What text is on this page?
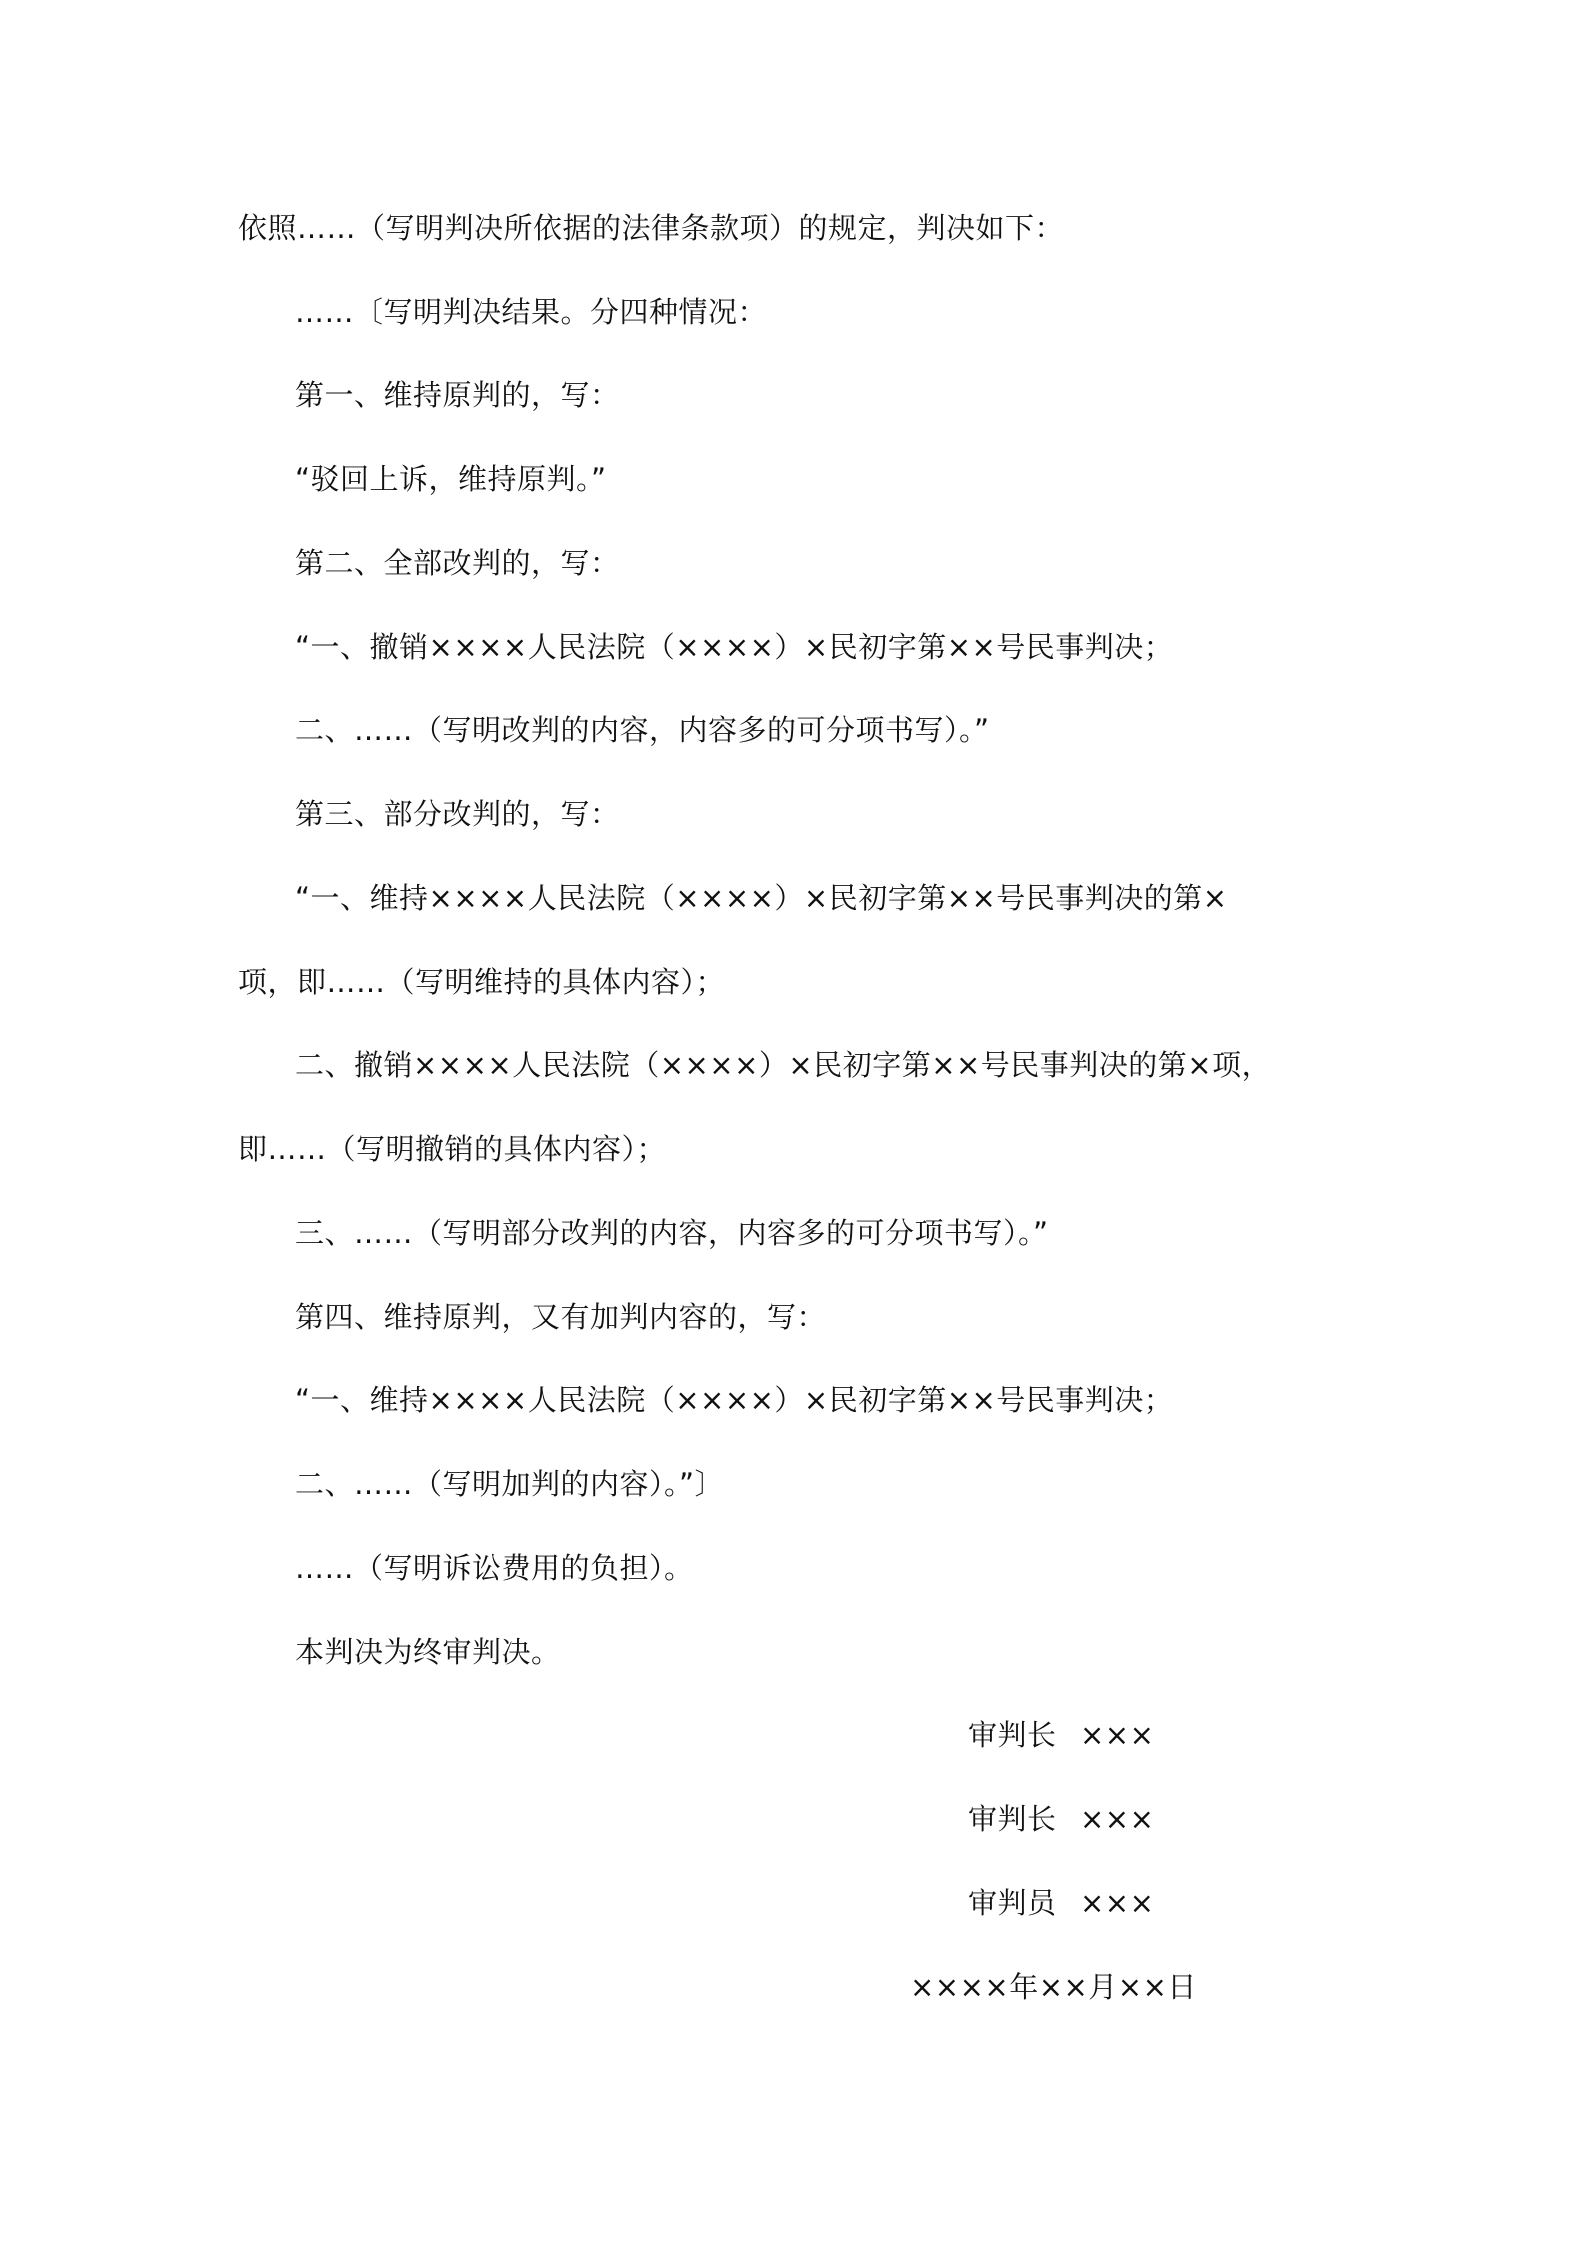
依照……（写明判决所依据的法律条款项）的规定，判决如下：
……〔写明判决结果。分四种情况：
第一、维持原判的，写：
“驳回上诉，维持原判。”
第二、全部改判的，写：
“一、撤销××××人民法院（××××）×民初字第××号民事判决；
二、……（写明改判的内容，内容多的可分项书写）。”
第三、部分改判的，写：
“一、维持××××人民法院（××××）×民初字第××号民事判决的第×
项，即……（写明维持的具体内容）；
二、撤销××××人民法院（××××）×民初字第××号民事判决的第×项，
即……（写明撤销的具体内容）；
三、……（写明部分改判的内容，内容多的可分项书写）。”
第四、维持原判，又有加判内容的，写：
“一、维持××××人民法院（××××）×民初字第××号民事判决；
二、……（写明加判的内容）。”〕
……（写明诉讼费用的负担）。
本判决为终审判决。
审判长 ×××
审判长 ×××
审判员 ×××
××××年××月××日
